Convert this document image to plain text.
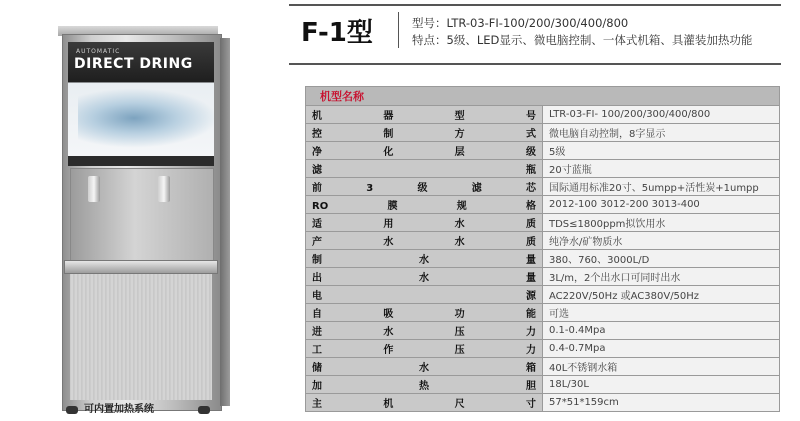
AUTOMATIC
DIRECT DRING
可内置加热系统
F-1型	型号：LTR-03-FI-100/200/300/400/800
特点：5级、LED显示、微电脑控制、一体式机箱、具灌装加热功能
机型名称	
机器型号	LTR-03-FI- 100/200/300/400/800
控制方式	微电脑自动控制，8字显示
净化层级	5级
滤瓶	20寸蓝瓶
前3级滤芯	国际通用标准20寸、5umpp+活性炭+1umpp
RO膜规格	2012-100 3012-200 3013-400
适用水质	TDS≤1800ppm拟饮用水
产水水质	纯净水/矿物质水
制水量	380、760、3000L/D
出水量	3L/m，2个出水口可同时出水
电源	AC220V/50Hz 或AC380V/50Hz
自吸功能	可选
进水压力	0.1-0.4Mpa
工作压力	0.4-0.7Mpa
储水箱	40L不锈钢水箱
加热胆	18L/30L
主机尺寸	57*51*159cm
